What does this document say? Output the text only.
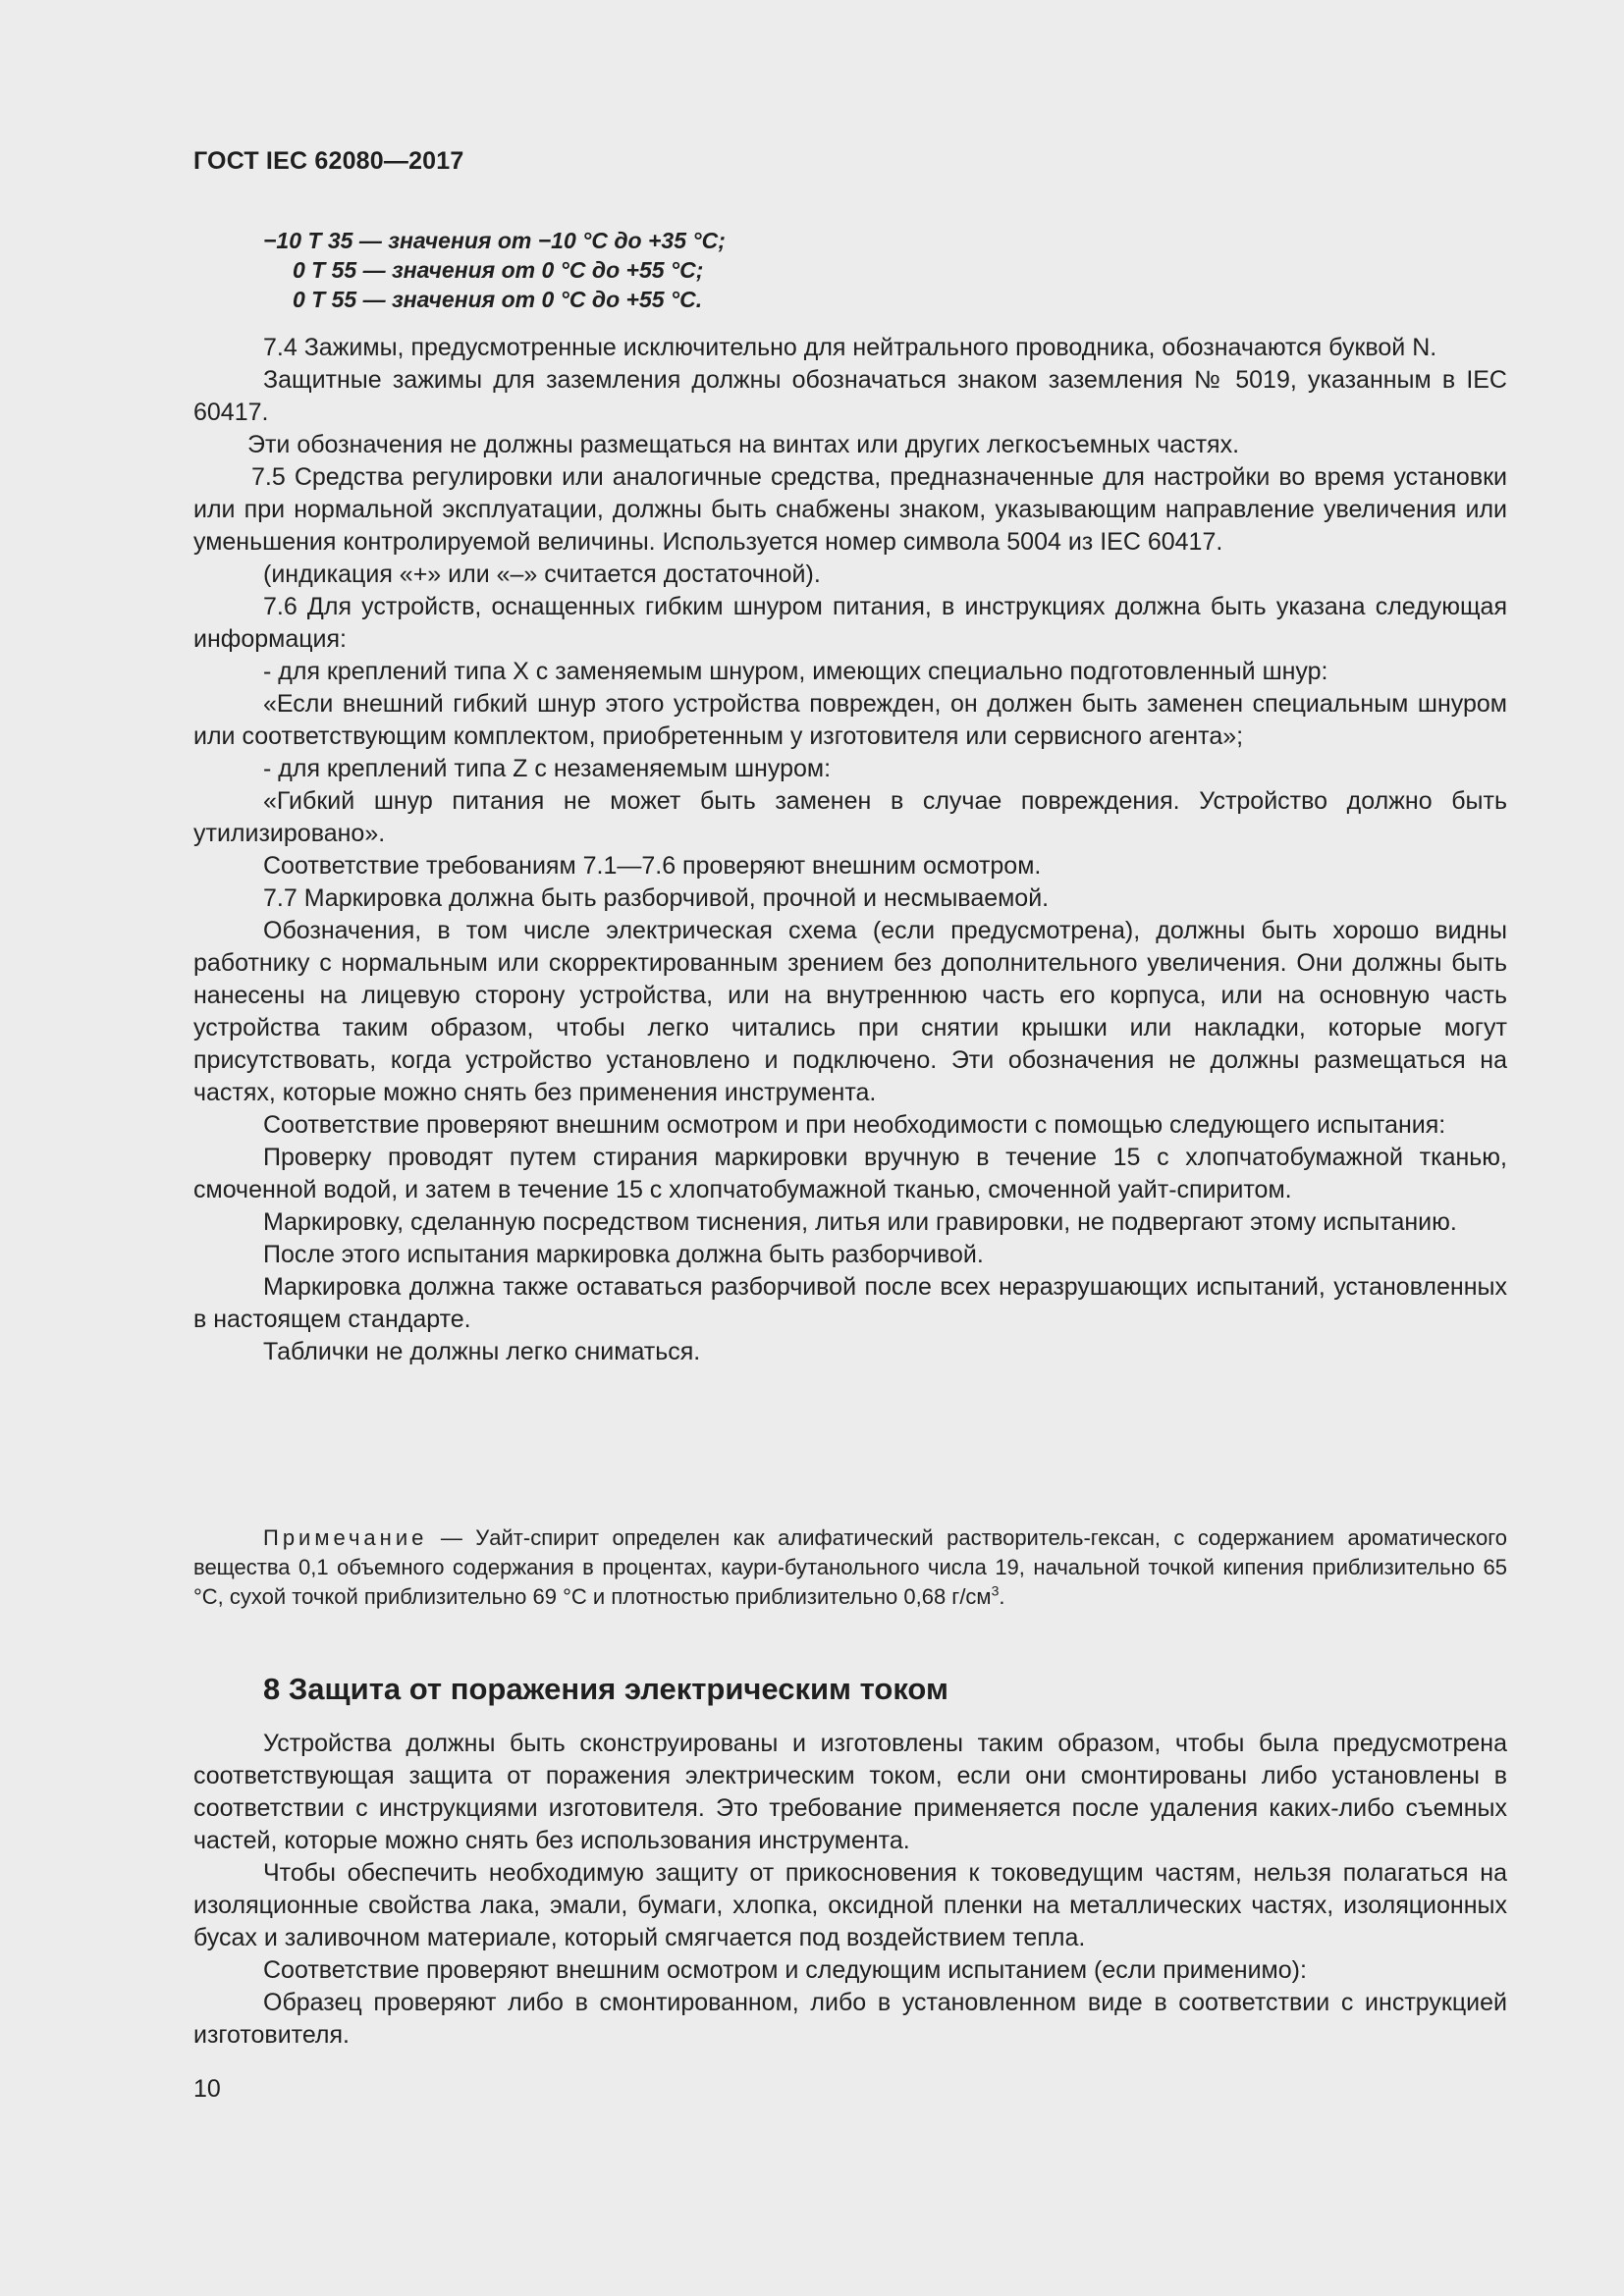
ГОСТ IEC 62080—2017
−10 T 35 — значения от −10 °С до +35 °С;
0 T 55 — значения от 0 °С до +55 °С;
0 T 55 — значения от 0 °С до +55 °С.

7.4 Зажимы, предусмотренные исключительно для нейтрального проводника, обозначаются буквой N.

Защитные зажимы для заземления должны обозначаться знаком заземления № 5019, указанным в IEC 60417.

Эти обозначения не должны размещаться на винтах или других легкосъемных частях.

7.5 Средства регулировки или аналогичные средства, предназначенные для настройки во время установки или при нормальной эксплуатации, должны быть снабжены знаком, указывающим направление увеличения или уменьшения контролируемой величины. Используется номер символа 5004 из IEC 60417.

(индикация «+» или «–» считается достаточной).

7.6 Для устройств, оснащенных гибким шнуром питания, в инструкциях должна быть указана следующая информация:

- для креплений типа X с заменяемым шнуром, имеющих специально подготовленный шнур:

«Если внешний гибкий шнур этого устройства поврежден, он должен быть заменен специальным шнуром или соответствующим комплектом, приобретенным у изготовителя или сервисного агента»;

- для креплений типа Z с незаменяемым шнуром:

«Гибкий шнур питания не может быть заменен в случае повреждения. Устройство должно быть утилизировано».

Соответствие требованиям 7.1—7.6 проверяют внешним осмотром.

7.7 Маркировка должна быть разборчивой, прочной и несмываемой.

Обозначения, в том числе электрическая схема (если предусмотрена), должны быть хорошо видны работнику с нормальным или скорректированным зрением без дополнительного увеличения. Они должны быть нанесены на лицевую сторону устройства, или на внутреннюю часть его корпуса, или на основную часть устройства таким образом, чтобы легко читались при снятии крышки или накладки, которые могут присутствовать, когда устройство установлено и подключено. Эти обозначения не должны размещаться на частях, которые можно снять без применения инструмента.

Соответствие проверяют внешним осмотром и при необходимости с помощью следующего испытания:

Проверку проводят путем стирания маркировки вручную в течение 15 с хлопчатобумажной тканью, смоченной водой, и затем в течение 15 с хлопчатобумажной тканью, смоченной уайт-спиритом.

Маркировку, сделанную посредством тиснения, литья или гравировки, не подвергают этому испытанию.

После этого испытания маркировка должна быть разборчивой.

Маркировка должна также оставаться разборчивой после всех неразрушающих испытаний, установленных в настоящем стандарте.

Таблички не должны легко сниматься.

Примечание — Уайт-спирит определен как алифатический растворитель-гексан, с содержанием ароматического вещества 0,1 объемного содержания в процентах, каури-бутанольного числа 19, начальной точкой кипения приблизительно 65 °С, сухой точкой приблизительно 69 °С и плотностью приблизительно 0,68 $г/см^3$.

8 Защита от поражения электрическим током

Устройства должны быть сконструированы и изготовлены таким образом, чтобы была предусмотрена соответствующая защита от поражения электрическим током, если они смонтированы либо установлены в соответствии с инструкциями изготовителя. Это требование применяется после удаления каких-либо съемных частей, которые можно снять без использования инструмента.

Чтобы обеспечить необходимую защиту от прикосновения к токоведущим частям, нельзя полагаться на изоляционные свойства лака, эмали, бумаги, хлопка, оксидной пленки на металлических частях, изоляционных бусах и заливочном материале, который смягчается под воздействием тепла.

Соответствие проверяют внешним осмотром и следующим испытанием (если применимо):

Образец проверяют либо в смонтированном, либо в установленном виде в соответствии с инструкцией изготовителя.

10
